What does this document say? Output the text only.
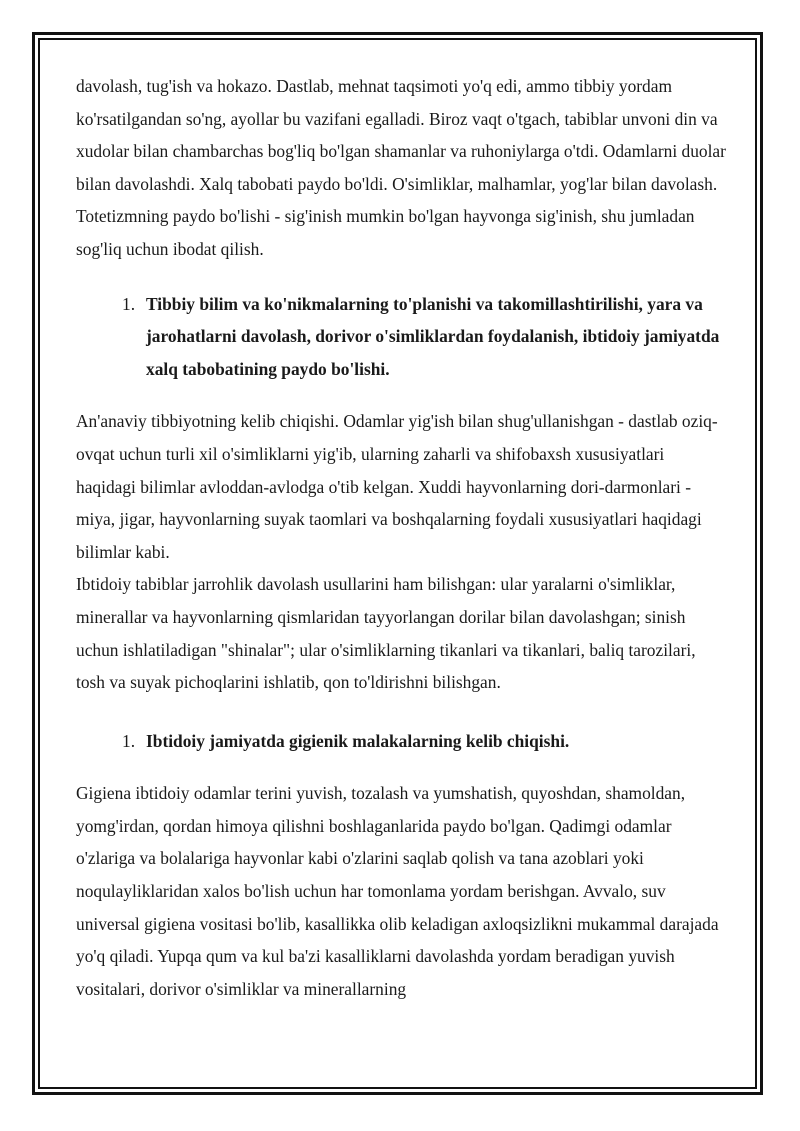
davolash, tug'ish va hokazo. Dastlab, mehnat taqsimoti yo'q edi, ammo tibbiy yordam ko'rsatilgandan so'ng, ayollar bu vazifani egalladi. Biroz vaqt o'tgach, tabiblar unvoni din va xudolar bilan chambarchas bog'liq bo'lgan shamanlar va ruhoniylarga o'tdi. Odamlarni duolar bilan davolashdi. Xalq tabobati paydo bo'ldi. O'simliklar, malhamlar, yog'lar bilan davolash. Totetizmning paydo bo'lishi - sig'inish mumkin bo'lgan hayvonga sig'inish, shu jumladan sog'liq uchun ibodat qilish.

1. Tibbiy bilim va ko'nikmalarning to'planishi va takomillashtirilishi, yara va jarohatlarni davolash, dorivor o'simliklardan foydalanish, ibtidoiy jamiyatda xalq tabobatining paydo bo'lishi.

An'anaviy tibbiyotning kelib chiqishi. Odamlar yig'ish bilan shug'ullanishgan - dastlab oziq-ovqat uchun turli xil o'simliklarni yig'ib, ularning zaharli va shifobaxsh xususiyatlari haqidagi bilimlar avloddan-avlodga o'tib kelgan. Xuddi hayvonlarning dori-darmonlari - miya, jigar, hayvonlarning suyak taomlari va boshqalarning foydali xususiyatlari haqidagi bilimlar kabi.

Ibtidoiy tabiblar jarrohlik davolash usullarini ham bilishgan: ular yaralarni o'simliklar, minerallar va hayvonlarning qismlaridan tayyorlangan dorilar bilan davolashgan; sinish uchun ishlatiladigan "shinalar"; ular o'simliklarning tikanlari va tikanlari, baliq tarozilari, tosh va suyak pichoqlarini ishlatib, qon to'ldirishni bilishgan.

1. Ibtidoiy jamiyatda gigienik malakalarning kelib chiqishi.

Gigiena ibtidoiy odamlar terini yuvish, tozalash va yumshatish, quyoshdan, shamoldan, yomg'irdan, qordan himoya qilishni boshlaganlarida paydo bo'lgan. Qadimgi odamlar o'zlariga va bolalariga hayvonlar kabi o'zlarini saqlab qolish va tana azoblari yoki noqulayliklaridan xalos bo'lish uchun har tomonlama yordam berishgan. Avvalo, suv universal gigiena vositasi bo'lib, kasallikka olib keladigan axloqsizlikni mukammal darajada yo'q qiladi. Yupqa qum va kul ba'zi kasalliklarni davolashda yordam beradigan yuvish vositalari, dorivor o'simliklar va minerallarning
